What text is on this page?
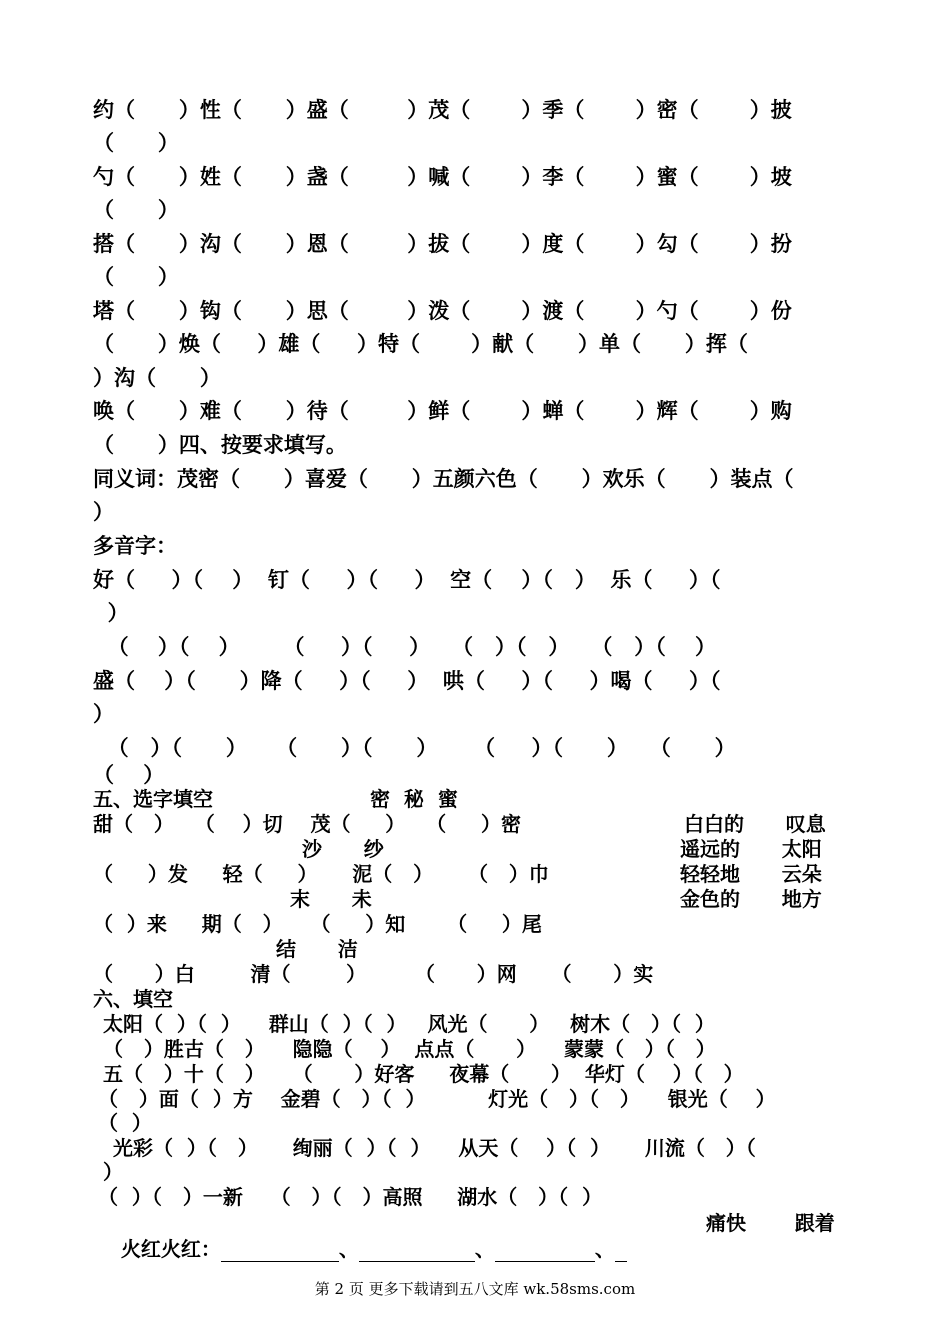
约（      ）性（      ）盛（        ）茂（       ）季（       ）密（       ）披
（      ）
勺（      ）姓（      ）盏（        ）喊（       ）李（       ）蜜（       ）坡
（      ）
搭（      ）沟（      ）恩（        ）拔（       ）度（       ）勾（       ）扮
（      ）
塔（      ）钩（      ）思（        ）泼（       ）渡（       ）勺（       ）份
（      ）焕（     ）雄（     ）特（       ）献（      ）单（      ）挥（
）沟（      ）
唤（      ）难（      ）待（        ）鲜（       ）蝉（       ）辉（       ）购
（      ）四、按要求填写。
同义词：茂密（      ）喜爱（      ）五颜六色（      ）欢乐（      ）装点（
）
多音字：
好（     ）（    ）  钉（     ）（     ）  空（    ）（   ）  乐（     ）（
）
（    ）（    ）      （     ）（     ）   （   ）（   ）   （   ）（    ）
盛（    ）（      ）降（     ）（     ）  哄（     ）（     ）喝（     ）（
）
（   ）（      ）    （      ）（      ）     （     ）（      ）   （      ）
（    ）
五、选字填空	密  秘  蜜
甜（   ）   （    ）切    茂（     ）   （     ）密
沙      纱
（     ）发     轻（     ）     泥（   ）     （   ）巾
末      未
（  ）来     期（   ）    （     ）知      （     ）尾
结      洁
（      ）白        清（        ）       （      ）网     （      ）实
白白的      叹息
遥远的      太阳
轻轻地      云朵
金色的      地方
六、填空
太阳（  ）（  ）    群山（  ）（  ）   风光（      ）   树木（   ）（  ）
（   ）胜古（   ）    隐隐（    ）  点点（      ）    蒙蒙（   ）（   ）
五（   ）十（   ）    （      ）好客     夜幕（      ）  华灯（    ）（   ）
（   ）面（  ）方    金碧（   ）（  ）         灯光（   ）（   ）    银光（    ）
（  ）
光彩（  ）（   ）     绚丽（  ）（  ）    从天（    ）（  ）     川流（   ）（
）
（  ）（   ）一新    （   ）（   ）高照     湖水（   ）（  ）

火红火红：	、	、	、

痛快       跟着
第 2 页 更多下载请到五八文库 wk.58sms.com
